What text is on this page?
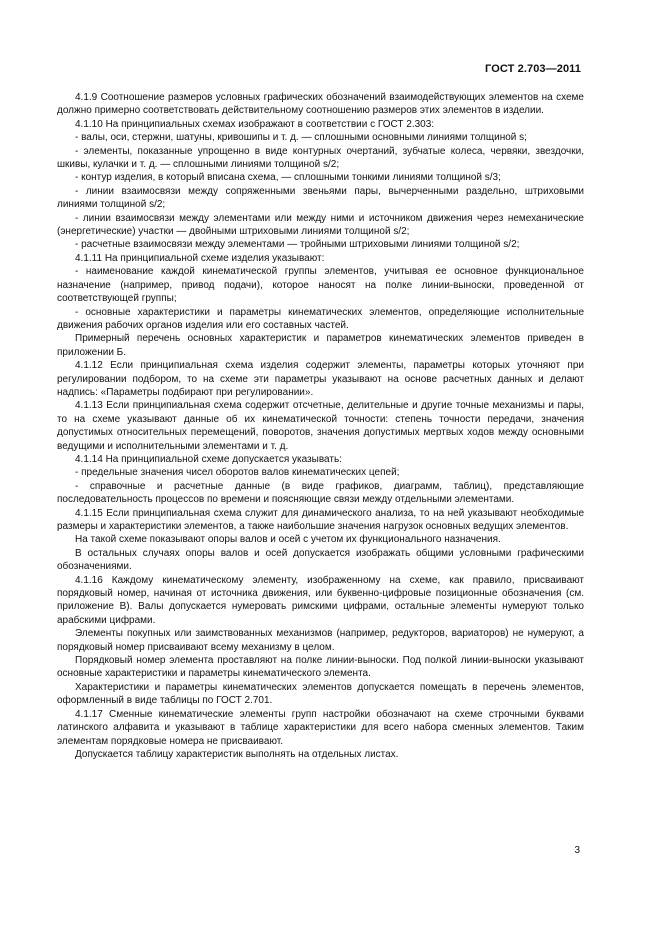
ГОСТ 2.703—2011

4.1.9 Соотношение размеров условных графических обозначений взаимодействующих элементов на схеме должно примерно соответствовать действительному соотношению размеров этих элементов в изделии.

4.1.10 На принципиальных схемах изображают в соответствии с ГОСТ 2.303:

- валы, оси, стержни, шатуны, кривошипы и т. д. — сплошными основными линиями толщиной s;

- элементы, показанные упрощенно в виде контурных очертаний, зубчатые колеса, червяки, звездочки, шкивы, кулачки и т. д. — сплошными линиями толщиной s/2;

- контур изделия, в который вписана схема, — сплошными тонкими линиями толщиной s/3;

- линии взаимосвязи между сопряженными звеньями пары, вычерченными раздельно, штриховыми линиями толщиной s/2;

- линии взаимосвязи между элементами или между ними и источником движения через немеханические (энергетические) участки — двойными штриховыми линиями толщиной s/2;

- расчетные взаимосвязи между элементами — тройными штриховыми линиями толщиной s/2;

4.1.11 На принципиальной схеме изделия указывают:

- наименование каждой кинематической группы элементов, учитывая ее основное функциональное назначение (например, привод подачи), которое наносят на полке линии-выноски, проведенной от соответствующей группы;

- основные характеристики и параметры кинематических элементов, определяющие исполнительные движения рабочих органов изделия или его составных частей.

Примерный перечень основных характеристик и параметров кинематических элементов приведен в приложении Б.

4.1.12 Если принципиальная схема изделия содержит элементы, параметры которых уточняют при регулировании подбором, то на схеме эти параметры указывают на основе расчетных данных и делают надпись: «Параметры подбирают при регулировании».

4.1.13 Если принципиальная схема содержит отсчетные, делительные и другие точные механизмы и пары, то на схеме указывают данные об их кинематической точности: степень точности передачи, значения допустимых относительных перемещений, поворотов, значения допустимых мертвых ходов между основными ведущими и исполнительными элементами и т. д.

4.1.14 На принципиальной схеме допускается указывать:

- предельные значения чисел оборотов валов кинематических цепей;

- справочные и расчетные данные (в виде графиков, диаграмм, таблиц), представляющие последовательность процессов по времени и поясняющие связи между отдельными элементами.

4.1.15 Если принципиальная схема служит для динамического анализа, то на ней указывают необходимые размеры и характеристики элементов, а также наибольшие значения нагрузок основных ведущих элементов.

На такой схеме показывают опоры валов и осей с учетом их функционального назначения.

В остальных случаях опоры валов и осей допускается изображать общими условными графическими обозначениями.

4.1.16 Каждому кинематическому элементу, изображенному на схеме, как правило, присваивают порядковый номер, начиная от источника движения, или буквенно-цифровые позиционные обозначения (см. приложение В). Валы допускается нумеровать римскими цифрами, остальные элементы нумеруют только арабскими цифрами.

Элементы покупных или заимствованных механизмов (например, редукторов, вариаторов) не нумеруют, а порядковый номер присваивают всему механизму в целом.

Порядковый номер элемента проставляют на полке линии-выноски. Под полкой линии-выноски указывают основные характеристики и параметры кинематического элемента.

Характеристики и параметры кинематических элементов допускается помещать в перечень элементов, оформленный в виде таблицы по ГОСТ 2.701.

4.1.17 Сменные кинематические элементы групп настройки обозначают на схеме строчными буквами латинского алфавита и указывают в таблице характеристики для всего набора сменных элементов. Таким элементам порядковые номера не присваивают.

Допускается таблицу характеристик выполнять на отдельных листах.

3
